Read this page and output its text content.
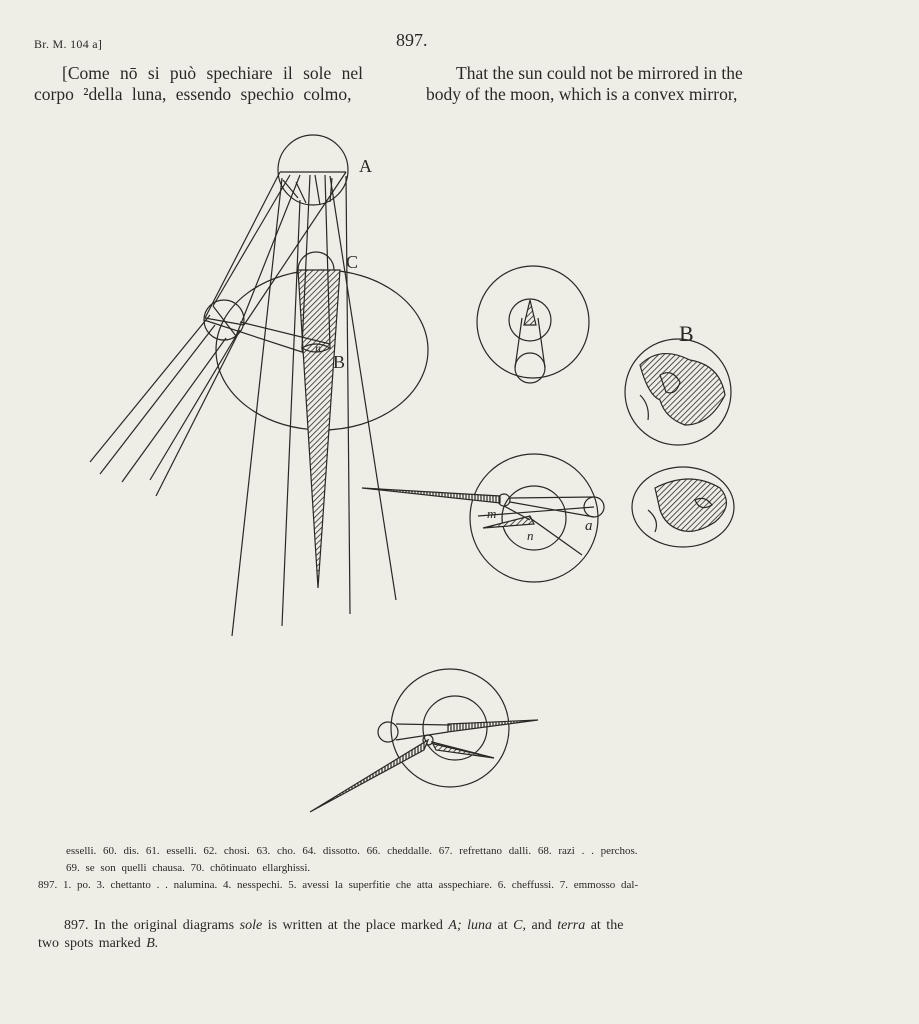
Br. M. 104 a]	897.
[Come nō si può spechiare il sole nel
corpo ²della luna, essendo spechio colmo,
That the sun could not be mirrored in the
body of the moon, which is a convex mirror,
A
C
B
n
B
m
n
a
esselli. 60. dis. 61. esselli. 62. chosi. 63. cho. 64. dissotto. 66. cheddalle. 67. refrettano dalli. 68. razi . . perchos.
69. se son quelli chausa. 70. chōtinuato ellarghissi.
897. 1. po. 3. chettanto . . nalumina. 4. nesspechi. 5. avessi la superfitie che atta asspechiare. 6. cheffussi. 7. emmosso dal-
897. In the original diagrams sole is written at the place marked A; luna at C, and terra at the
two spots marked B.
